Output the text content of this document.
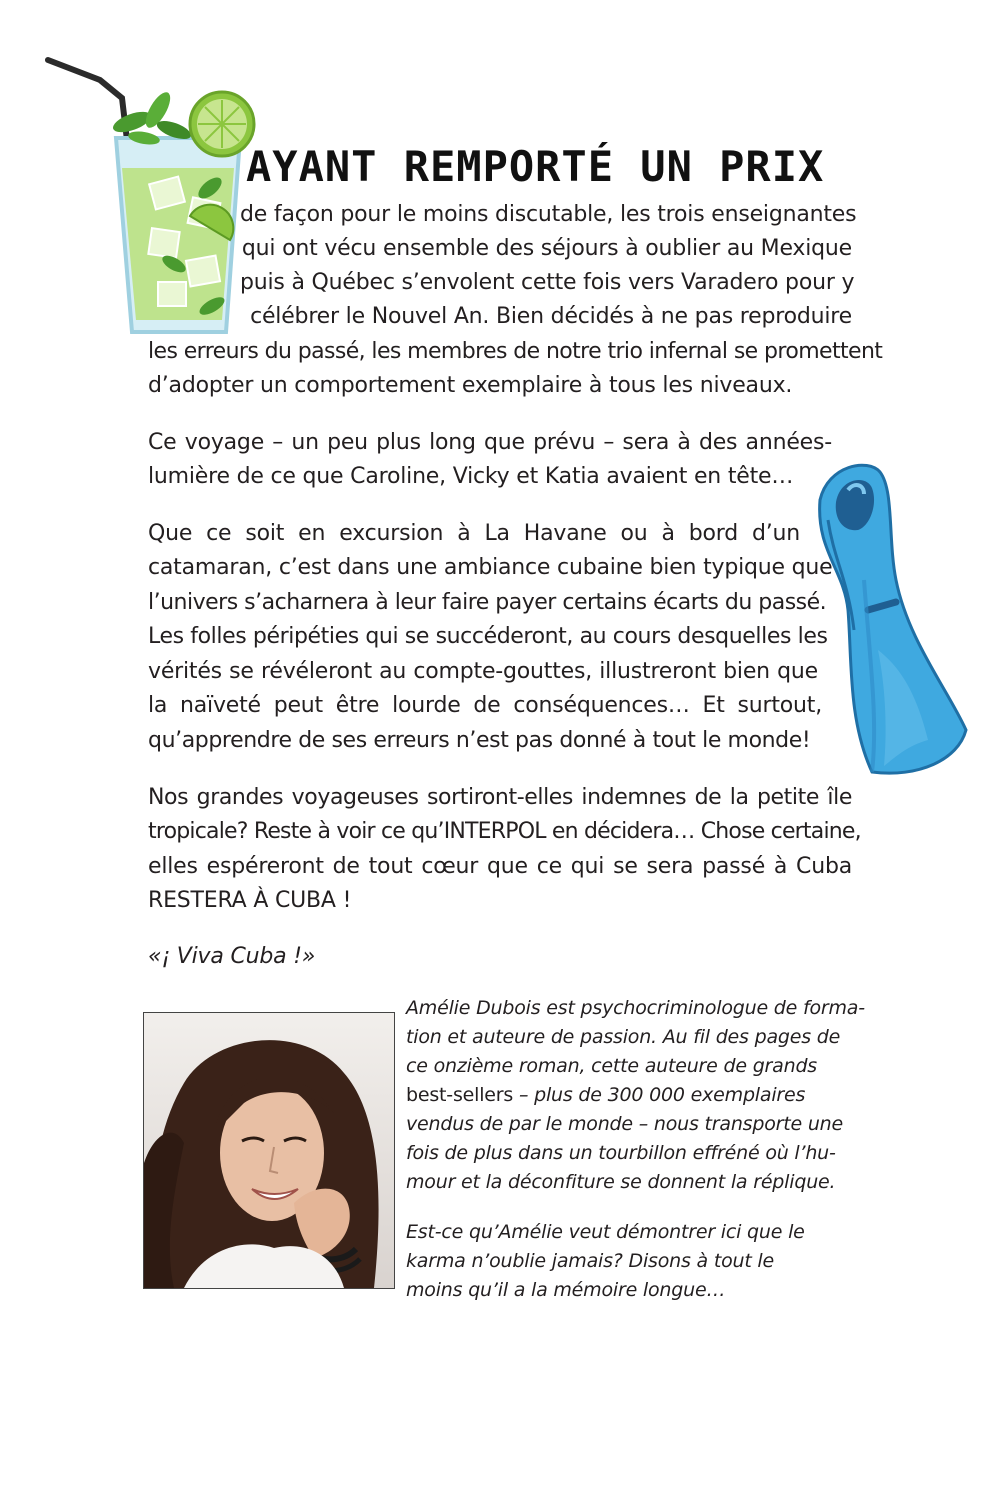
AYANT REMPORTÉ UN PRIX
de façon pour le moins discutable, les trois enseignantes
qui ont vécu ensemble des séjours à oublier au Mexique
puis à Québec s’envolent cette fois vers Varadero pour y
célébrer le Nouvel An. Bien décidés à ne pas reproduire
les erreurs du passé, les membres de notre trio infernal se promettent
d’adopter un comportement exemplaire à tous les niveaux.
Ce voyage – un peu plus long que prévu – sera à des années-
lumière de ce que Caroline, Vicky et Katia avaient en tête…
Que ce soit en excursion à La Havane ou à bord d’un
catamaran, c’est dans une ambiance cubaine bien typique que
l’univers s’acharnera à leur faire payer certains écarts du passé.
Les folles péripéties qui se succéderont, au cours desquelles les
vérités se révéleront au compte-gouttes, illustreront bien que
la naïveté peut être lourde de conséquences… Et surtout,
qu’apprendre de ses erreurs n’est pas donné à tout le monde!
Nos grandes voyageuses sortiront-elles indemnes de la petite île
tropicale? Reste à voir ce qu’INTERPOL en décidera… Chose certaine,
elles espéreront de tout cœur que ce qui se sera passé à Cuba
RESTERA À CUBA !
«¡ Viva Cuba !»
Amélie Dubois est psychocriminologue de forma-
tion et auteure de passion. Au fil des pages de
ce onzième roman, cette auteure de grands
best-sellers – plus de 300 000 exemplaires
vendus de par le monde – nous transporte une
fois de plus dans un tourbillon effréné où l’hu-
mour et la déconfiture se donnent la réplique.
Est-ce qu’Amélie veut démontrer ici que le
karma n’oublie jamais? Disons à tout le
moins qu’il a la mémoire longue…
